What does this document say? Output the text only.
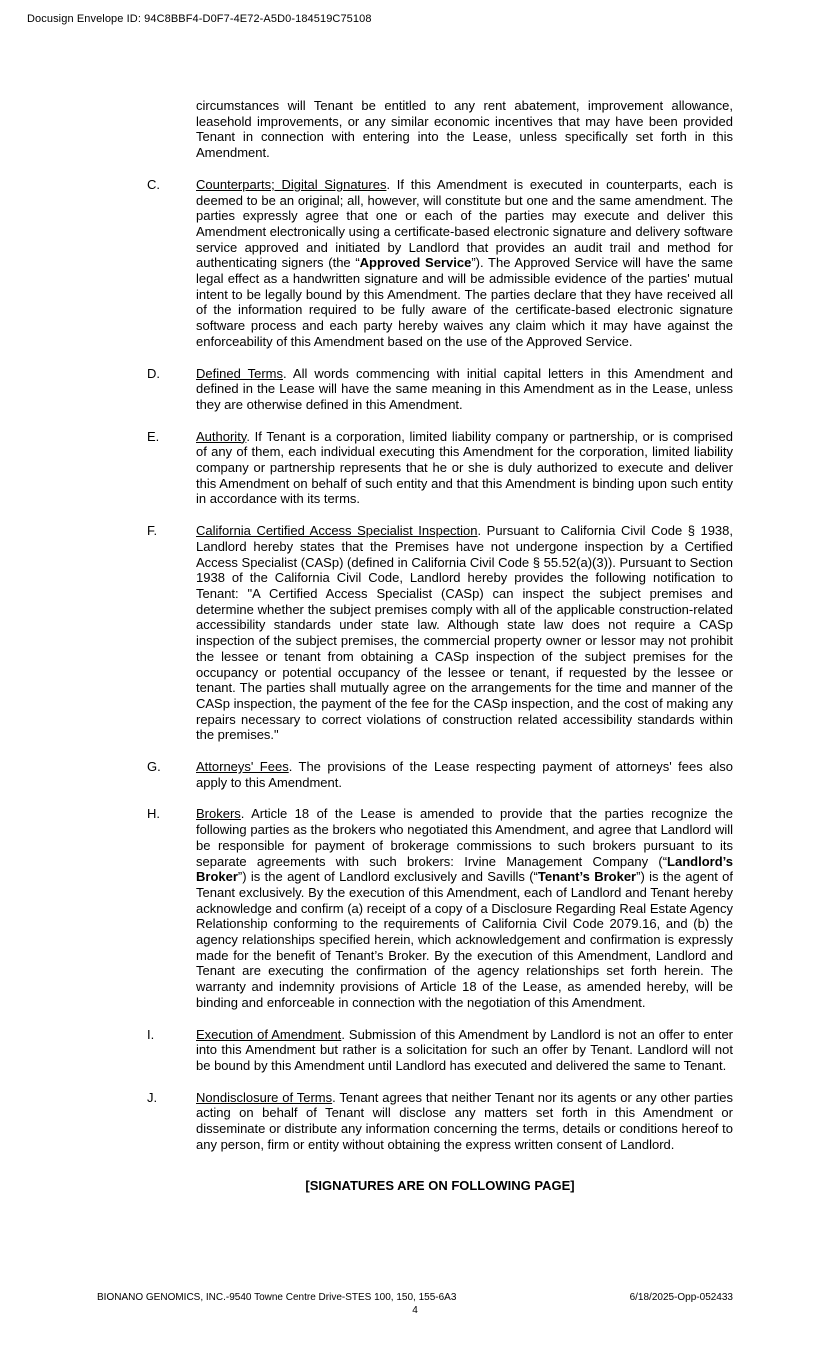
Docusign Envelope ID: 94C8BBF4-D0F7-4E72-A5D0-184519C75108

circumstances will Tenant be entitled to any rent abatement, improvement allowance, leasehold improvements, or any similar economic incentives that may have been provided Tenant in connection with entering into the Lease, unless specifically set forth in this Amendment.

C.	Counterparts; Digital Signatures. If this Amendment is executed in counterparts, each is deemed to be an original; all, however, will constitute but one and the same amendment. The parties expressly agree that one or each of the parties may execute and deliver this Amendment electronically using a certificate-based electronic signature and delivery software service approved and initiated by Landlord that provides an audit trail and method for authenticating signers (the “Approved Service”). The Approved Service will have the same legal effect as a handwritten signature and will be admissible evidence of the parties' mutual intent to be legally bound by this Amendment. The parties declare that they have received all of the information required to be fully aware of the certificate-based electronic signature software process and each party hereby waives any claim which it may have against the enforceability of this Amendment based on the use of the Approved Service.
D.	Defined Terms. All words commencing with initial capital letters in this Amendment and defined in the Lease will have the same meaning in this Amendment as in the Lease, unless they are otherwise defined in this Amendment.
E.	Authority. If Tenant is a corporation, limited liability company or partnership, or is comprised of any of them, each individual executing this Amendment for the corporation, limited liability company or partnership represents that he or she is duly authorized to execute and deliver this Amendment on behalf of such entity and that this Amendment is binding upon such entity in accordance with its terms.
F.	California Certified Access Specialist Inspection. Pursuant to California Civil Code § 1938, Landlord hereby states that the Premises have not undergone inspection by a Certified Access Specialist (CASp) (defined in California Civil Code § 55.52(a)(3)). Pursuant to Section 1938 of the California Civil Code, Landlord hereby provides the following notification to Tenant: "A Certified Access Specialist (CASp) can inspect the subject premises and determine whether the subject premises comply with all of the applicable construction-related accessibility standards under state law. Although state law does not require a CASp inspection of the subject premises, the commercial property owner or lessor may not prohibit the lessee or tenant from obtaining a CASp inspection of the subject premises for the occupancy or potential occupancy of the lessee or tenant, if requested by the lessee or tenant. The parties shall mutually agree on the arrangements for the time and manner of the CASp inspection, the payment of the fee for the CASp inspection, and the cost of making any repairs necessary to correct violations of construction related accessibility standards within the premises."
G.	Attorneys' Fees. The provisions of the Lease respecting payment of attorneys' fees also apply to this Amendment.
H.	Brokers. Article 18 of the Lease is amended to provide that the parties recognize the following parties as the brokers who negotiated this Amendment, and agree that Landlord will be responsible for payment of brokerage commissions to such brokers pursuant to its separate agreements with such brokers: Irvine Management Company (“Landlord’s Broker”) is the agent of Landlord exclusively and Savills (“Tenant’s Broker”) is the agent of Tenant exclusively. By the execution of this Amendment, each of Landlord and Tenant hereby acknowledge and confirm (a) receipt of a copy of a Disclosure Regarding Real Estate Agency Relationship conforming to the requirements of California Civil Code 2079.16, and (b) the agency relationships specified herein, which acknowledgement and confirmation is expressly made for the benefit of Tenant’s Broker. By the execution of this Amendment, Landlord and Tenant are executing the confirmation of the agency relationships set forth herein. The warranty and indemnity provisions of Article 18 of the Lease, as amended hereby, will be binding and enforceable in connection with the negotiation of this Amendment.
I.	Execution of Amendment. Submission of this Amendment by Landlord is not an offer to enter into this Amendment but rather is a solicitation for such an offer by Tenant. Landlord will not be bound by this Amendment until Landlord has executed and delivered the same to Tenant.
J.	Nondisclosure of Terms. Tenant agrees that neither Tenant nor its agents or any other parties acting on behalf of Tenant will disclose any matters set forth in this Amendment or disseminate or distribute any information concerning the terms, details or conditions hereof to any person, firm or entity without obtaining the express written consent of Landlord.
[SIGNATURES ARE ON FOLLOWING PAGE]
BIONANO GENOMICS, INC.-9540 Towne Centre Drive-STES 100, 150, 155-6A3	6/18/2025-Opp-052433
4
